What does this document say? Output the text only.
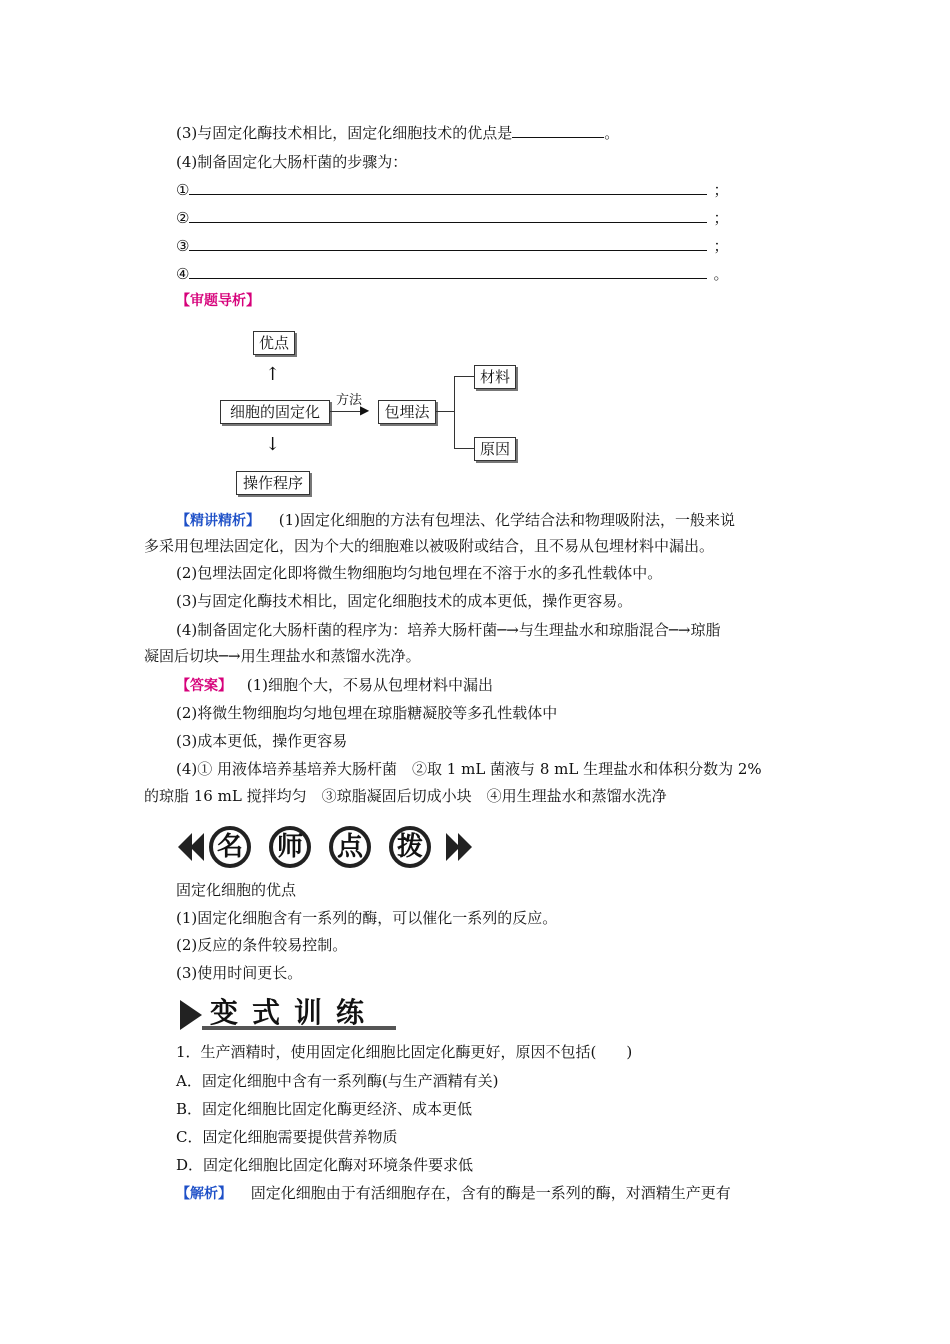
(3)与固定化酶技术相比，固定化细胞技术的优点是	。
(4)制备固定化大肠杆菌的步骤为：
①	；
②	；
③	；
④	。
【审题导析】
优点
↑
细胞的固定化
方法
▶	包埋法
材料
原因
↓
操作程序
【精讲精析】 (1)固定化细胞的方法有包埋法、化学结合法和物理吸附法，一般来说
多采用包埋法固定化，因为个大的细胞难以被吸附或结合，且不易从包埋材料中漏出。
(2)包埋法固定化即将微生物细胞均匀地包埋在不溶于水的多孔性载体中。
(3)与固定化酶技术相比，固定化细胞技术的成本更低，操作更容易。
(4)制备固定化大肠杆菌的程序为：培养大肠杆菌─→与生理盐水和琼脂混合─→琼脂
凝固后切块─→用生理盐水和蒸馏水洗净。
【答案】 (1)细胞个大，不易从包埋材料中漏出
(2)将微生物细胞均匀地包埋在琼脂糖凝胶等多孔性载体中
(3)成本更低，操作更容易
(4)① 用液体培养基培养大肠杆菌　②取 1 mL 菌液与 8 mL 生理盐水和体积分数为 2%
的琼脂 16 mL 搅拌均匀　③琼脂凝固后切成小块　④用生理盐水和蒸馏水洗净
名 师 点 拨
固定化细胞的优点
(1)固定化细胞含有一系列的酶，可以催化一系列的反应。
(2)反应的条件较易控制。
(3)使用时间更长。
变式训练
1．生产酒精时，使用固定化细胞比固定化酶更好，原因不包括(　　)
A．固定化细胞中含有一系列酶(与生产酒精有关)
B．固定化细胞比固定化酶更经济、成本更低
C．固定化细胞需要提供营养物质
D．固定化细胞比固定化酶对环境条件要求低
【解析】 固定化细胞由于有活细胞存在，含有的酶是一系列的酶，对酒精生产更有
